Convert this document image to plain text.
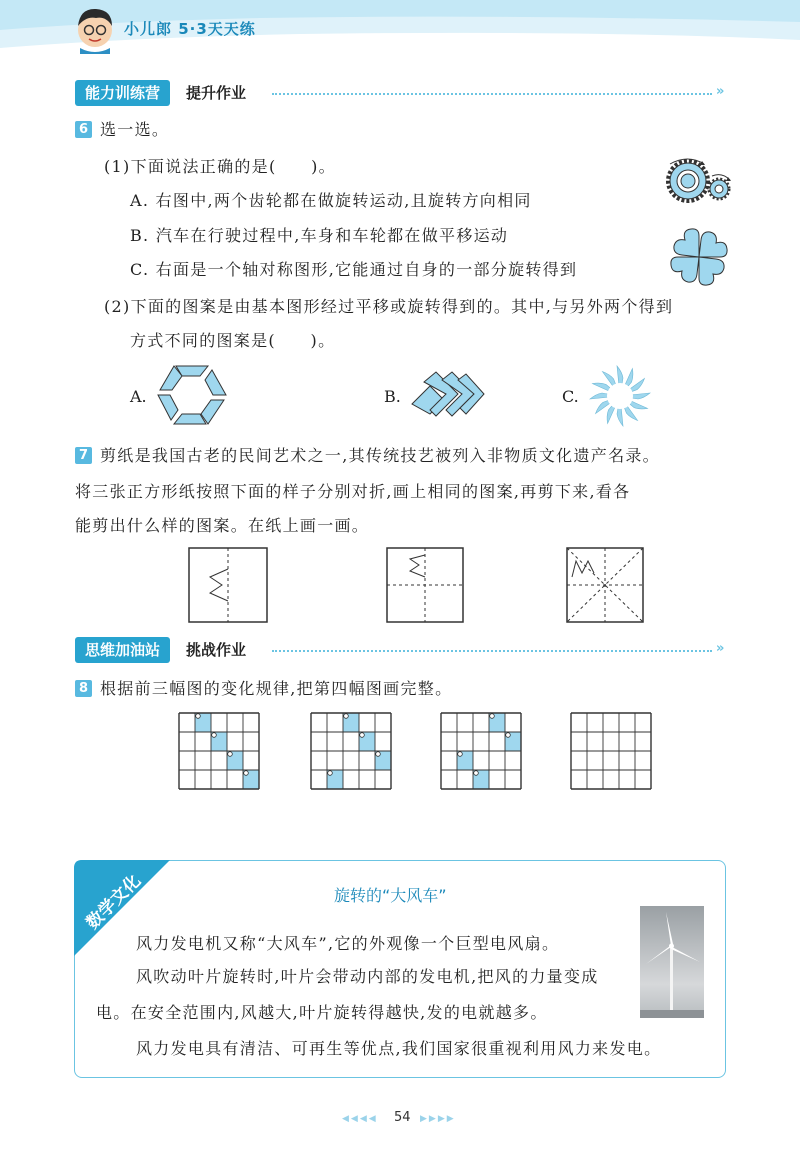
小儿郎 5·3天天练
能力训练营	提升作业	»
6 选一选。
(1)下面说法正确的是(　　)。
A. 右图中,两个齿轮都在做旋转运动,且旋转方向相同
B. 汽车在行驶过程中,车身和车轮都在做平移运动
C. 右面是一个轴对称图形,它能通过自身的一部分旋转得到
(2)下面的图案是由基本图形经过平移或旋转得到的。其中,与另外两个得到
方式不同的图案是(　　)。
A.	B.	C.
7 剪纸是我国古老的民间艺术之一,其传统技艺被列入非物质文化遗产名录。
将三张正方形纸按照下面的样子分别对折,画上相同的图案,再剪下来,看各
能剪出什么样的图案。在纸上画一画。
思维加油站	挑战作业	»
8 根据前三幅图的变化规律,把第四幅图画完整。
数学文化	旋转的“大风车”
风力发电机又称“大风车”,它的外观像一个巨型电风扇。
风吹动叶片旋转时,叶片会带动内部的发电机,把风的力量变成
电。在安全范围内,风越大,叶片旋转得越快,发的电就越多。
风力发电具有清洁、可再生等优点,我们国家很重视利用风力来发电。
◀◀◀◀ 54 ▶▶▶▶
